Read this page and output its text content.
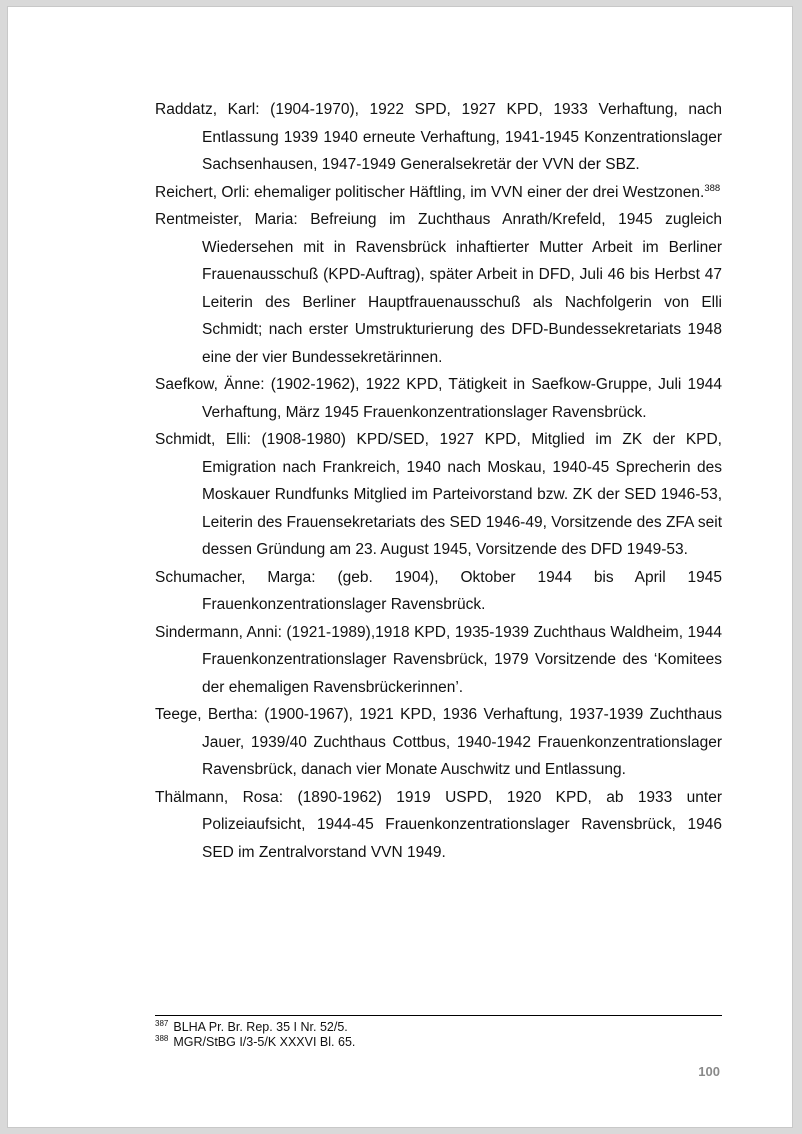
Raddatz, Karl: (1904-1970), 1922 SPD, 1927 KPD, 1933 Verhaftung, nach Entlassung 1939 1940 erneute Verhaftung, 1941-1945 Konzentrationslager Sachsenhausen, 1947-1949 Generalsekretär der VVN der SBZ.

Reichert, Orli: ehemaliger politischer Häftling, im VVN einer der drei Westzonen.$^{388}$

Rentmeister, Maria: Befreiung im Zuchthaus Anrath/Krefeld, 1945 zugleich Wiedersehen mit in Ravensbrück inhaftierter Mutter Arbeit im Berliner Frauenausschuß (KPD-Auftrag), später Arbeit in DFD, Juli 46 bis Herbst 47 Leiterin des Berliner Hauptfrauenausschuß als Nachfolgerin von Elli Schmidt; nach erster Umstrukturierung des DFD-Bundessekretariats 1948 eine der vier Bundessekretärinnen.

Saefkow, Änne: (1902-1962), 1922 KPD, Tätigkeit in Saefkow-Gruppe, Juli 1944 Verhaftung, März 1945 Frauenkonzentrationslager Ravensbrück.

Schmidt, Elli: (1908-1980) KPD/SED, 1927 KPD, Mitglied im ZK der KPD, Emigration nach Frankreich, 1940 nach Moskau, 1940-45 Sprecherin des Moskauer Rundfunks Mitglied im Parteivorstand bzw. ZK der SED 1946-53, Leiterin des Frauensekretariats des SED 1946-49, Vorsitzende des ZFA seit dessen Gründung am 23. August 1945, Vorsitzende des DFD 1949-53.

Schumacher, Marga: (geb. 1904), Oktober 1944 bis April 1945 Frauenkonzentrationslager Ravensbrück.

Sindermann, Anni: (1921-1989),1918 KPD, 1935-1939 Zuchthaus Waldheim, 1944 Frauenkonzentrationslager Ravensbrück, 1979 Vorsitzende des ‘Komitees der ehemaligen Ravensbrückerinnen’.

Teege, Bertha: (1900-1967), 1921 KPD, 1936 Verhaftung, 1937-1939 Zuchthaus Jauer, 1939/40 Zuchthaus Cottbus, 1940-1942 Frauenkonzentrationslager Ravensbrück, danach vier Monate Auschwitz und Entlassung.

Thälmann, Rosa: (1890-1962) 1919 USPD, 1920 KPD, ab 1933 unter Polizeiaufsicht, 1944-45 Frauenkonzentrationslager Ravensbrück, 1946 SED im Zentralvorstand VVN 1949.

$^{387}$ BLHA Pr. Br. Rep. 35 I Nr. 52/5.
$^{388}$ MGR/StBG I/3-5/K XXXVI Bl. 65.
100
